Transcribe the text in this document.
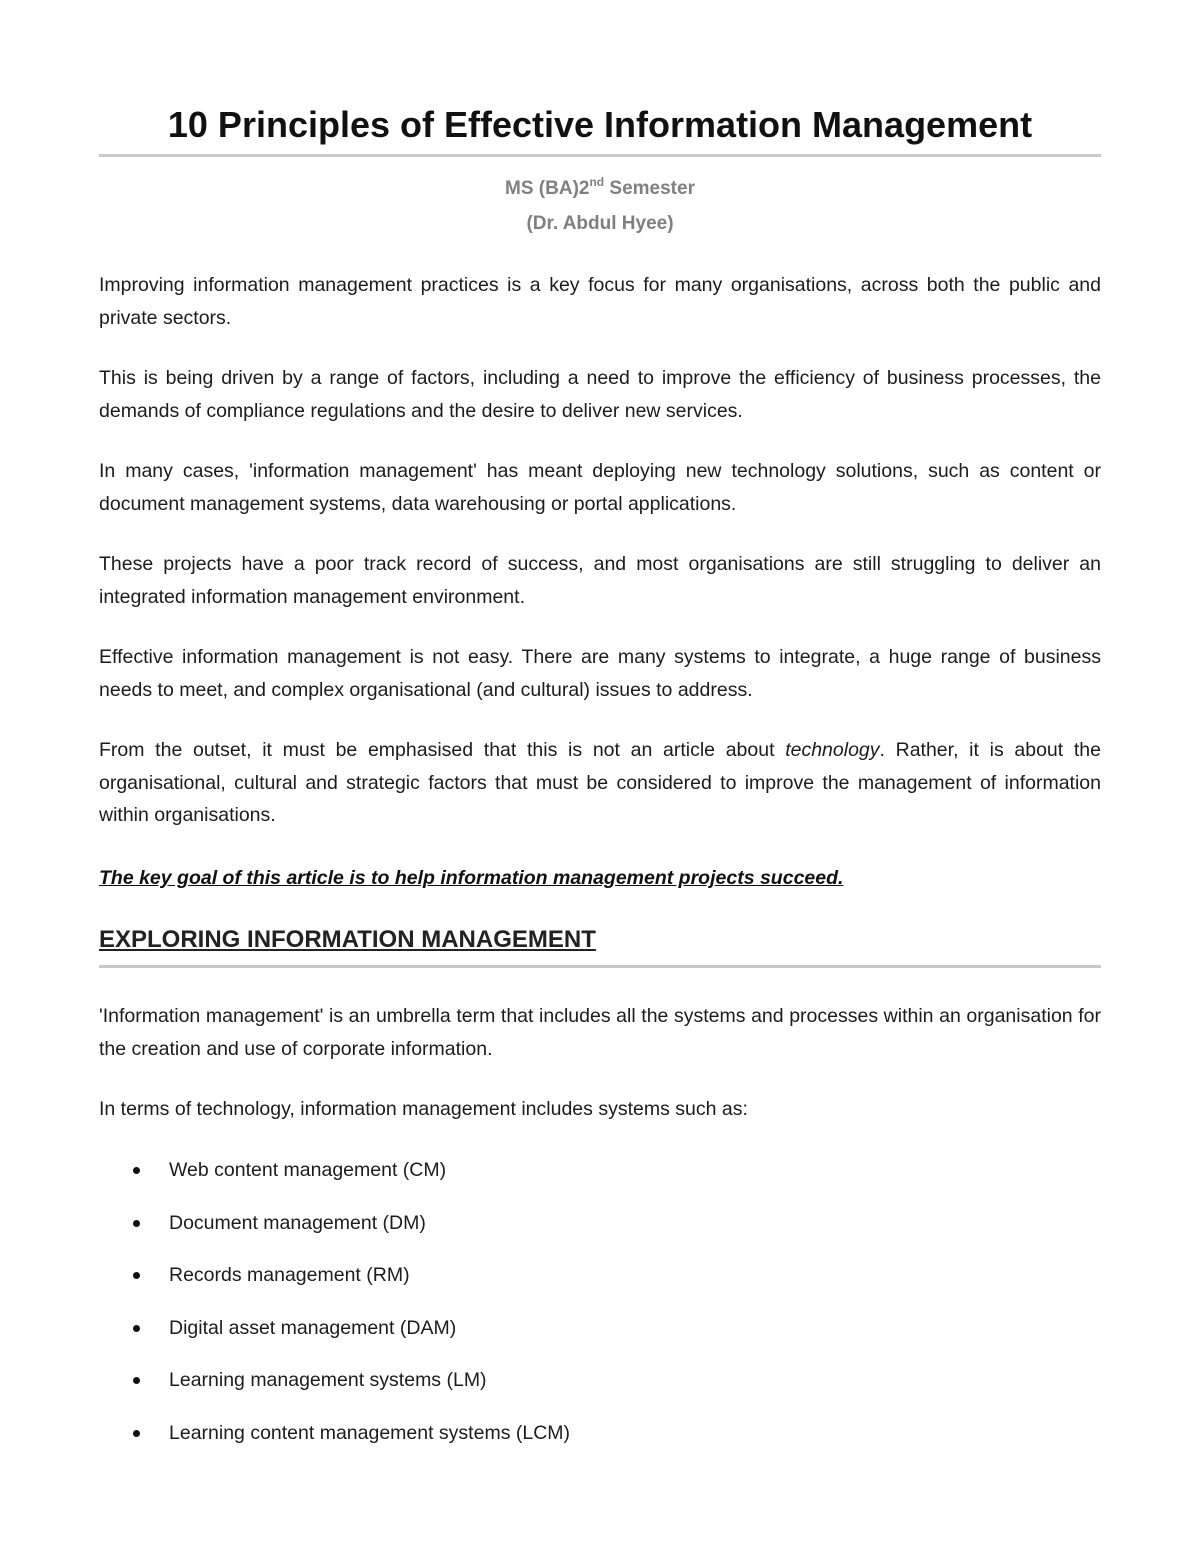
10 Principles of Effective Information Management

MS (BA)2nd Semester

(Dr. Abdul Hyee)

Improving information management practices is a key focus for many organisations, across both the public and private sectors.

This is being driven by a range of factors, including a need to improve the efficiency of business processes, the demands of compliance regulations and the desire to deliver new services.

In many cases, 'information management' has meant deploying new technology solutions, such as content or document management systems, data warehousing or portal applications.

These projects have a poor track record of success, and most organisations are still struggling to deliver an integrated information management environment.

Effective information management is not easy. There are many systems to integrate, a huge range of business needs to meet, and complex organisational (and cultural) issues to address.

From the outset, it must be emphasised that this is not an article about technology. Rather, it is about the organisational, cultural and strategic factors that must be considered to improve the management of information within organisations.

The key goal of this article is to help information management projects succeed.

EXPLORING INFORMATION MANAGEMENT

'Information management' is an umbrella term that includes all the systems and processes within an organisation for the creation and use of corporate information.

In terms of technology, information management includes systems such as:

Web content management (CM)
Document management (DM)
Records management (RM)
Digital asset management (DAM)
Learning management systems (LM)
Learning content management systems (LCM)
